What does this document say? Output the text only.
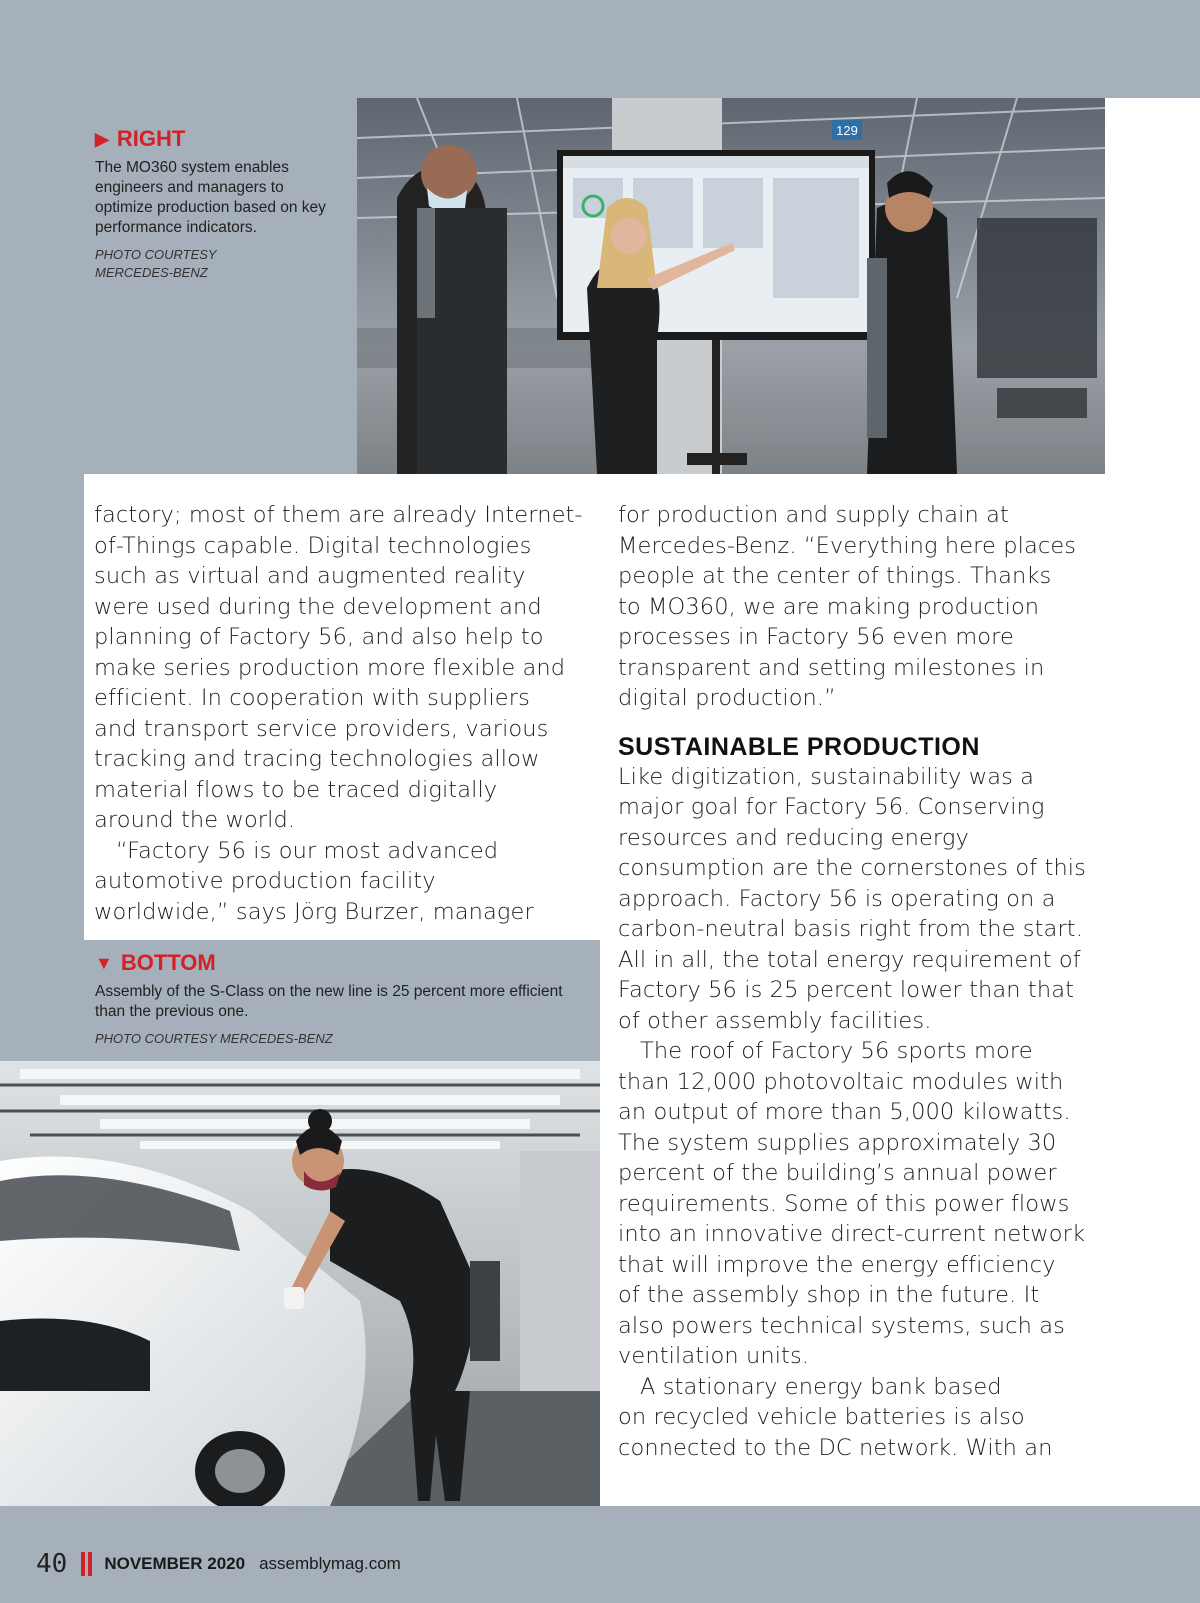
129

▶ RIGHT

The MO360 system enables engineers and managers to optimize production based on key performance indicators.

PHOTO COURTESY
MERCEDES-BENZ

factory; most of them are already Internet-
of-Things capable. Digital technologies
such as virtual and augmented reality
were used during the development and
planning of Factory 56, and also help to
make series production more flexible and
efficient. In cooperation with suppliers
and transport service providers, various
tracking and tracing technologies allow
material flows to be traced digitally
around the world.

“Factory 56 is our most advanced
automotive production facility
worldwide,” says Jörg Burzer, manager

▼ BOTTOM

Assembly of the S-Class on the new line is 25 percent more efficient than the previous one.

PHOTO COURTESY MERCEDES-BENZ

for production and supply chain at
Mercedes-Benz. “Everything here places
people at the center of things. Thanks
to MO360, we are making production
processes in Factory 56 even more
transparent and setting milestones in
digital production.”

SUSTAINABLE PRODUCTION

Like digitization, sustainability was a
major goal for Factory 56. Conserving
resources and reducing energy
consumption are the cornerstones of this
approach. Factory 56 is operating on a
carbon-neutral basis right from the start.
All in all, the total energy requirement of
Factory 56 is 25 percent lower than that
of other assembly facilities.

The roof of Factory 56 sports more
than 12,000 photovoltaic modules with
an output of more than 5,000 kilowatts.
The system supplies approximately 30
percent of the building’s annual power
requirements. Some of this power flows
into an innovative direct-current network
that will improve the energy efficiency
of the assembly shop in the future. It
also powers technical systems, such as
ventilation units.

A stationary energy bank based
on recycled vehicle batteries is also
connected to the DC network. With an

40 NOVEMBER 2020 assemblymag.com
